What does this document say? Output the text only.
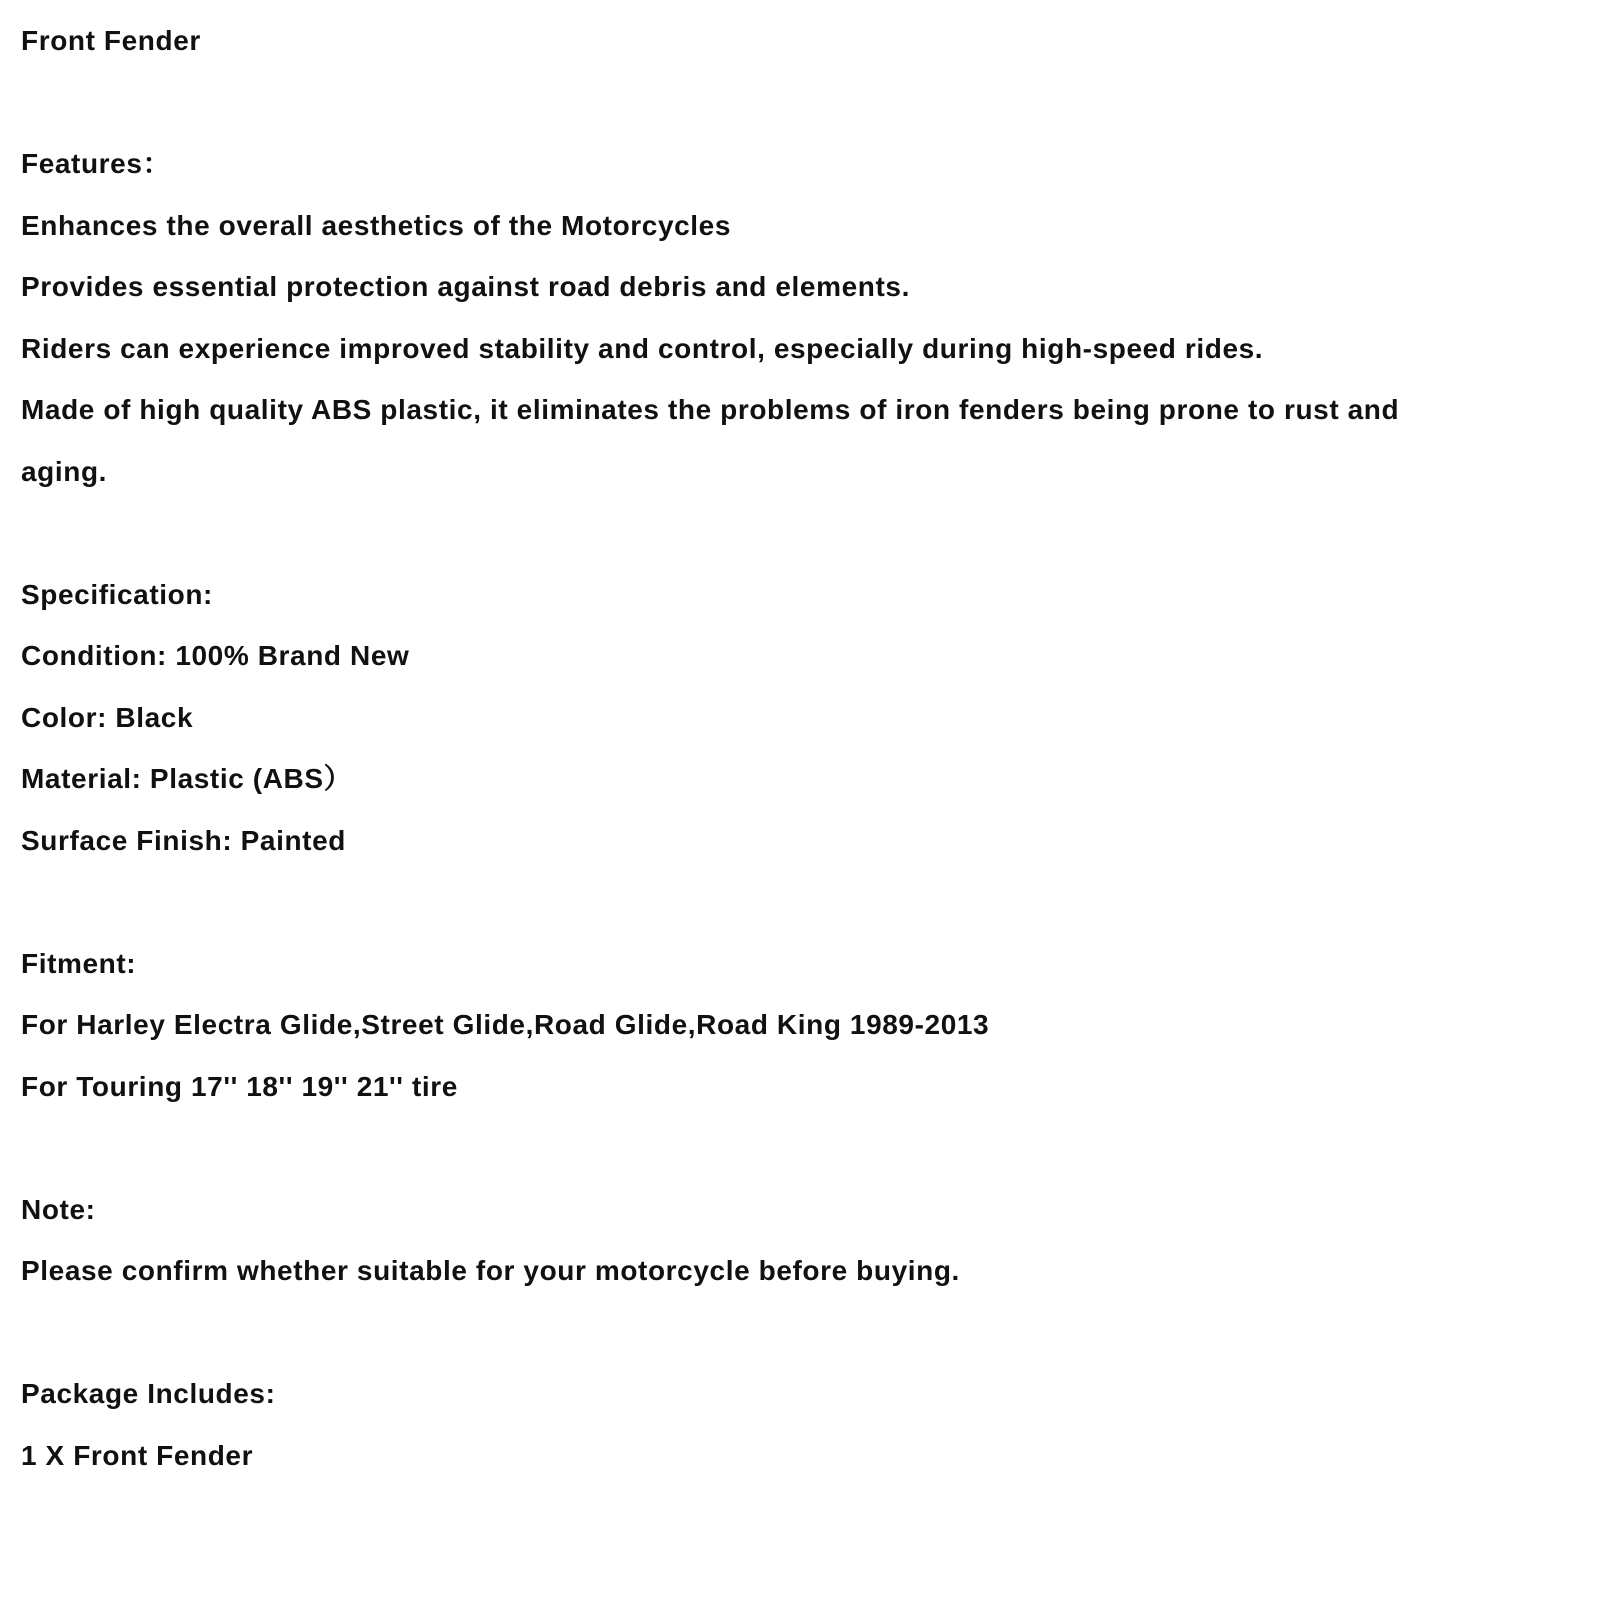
Front Fender
Features：
Enhances the overall aesthetics of the Motorcycles
Provides essential protection against road debris and elements.
Riders can experience improved stability and control, especially during high-speed rides.
Made of high quality ABS plastic, it eliminates the problems of iron fenders being prone to rust and
aging.
Specification:
Condition: 100% Brand New
Color: Black
Material: Plastic (ABS）
Surface Finish: Painted
Fitment:
For Harley Electra Glide,Street Glide,Road Glide,Road King 1989-2013
For Touring 17'' 18'' 19'' 21'' tire
Note:
Please confirm whether suitable for your motorcycle before buying.
Package Includes:
1 X Front Fender
